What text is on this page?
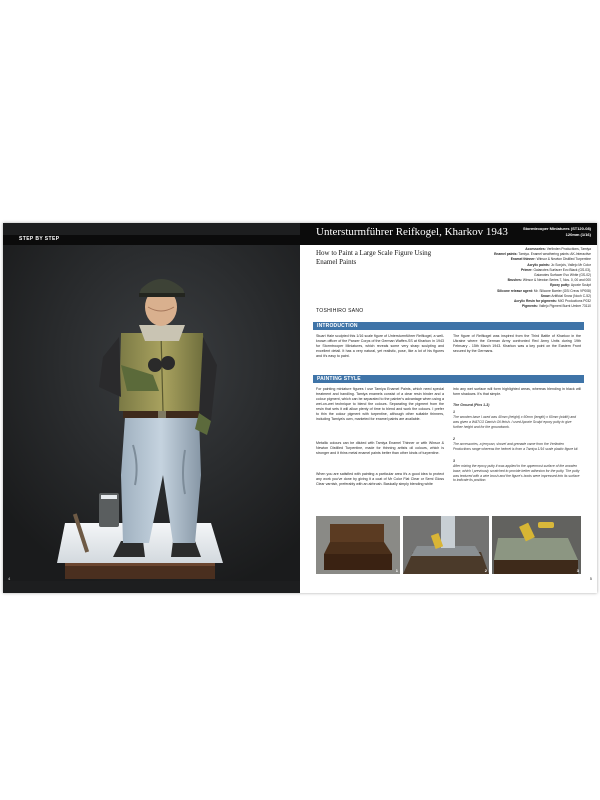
STEP BY STEP
4
Untersturmführer Reifkogel, Kharkov 1943	Stormtrooper Miniatures (ST120-08)
120mm (1/16)
How to Paint a Large Scale Figure Using Enamel Paints
TOSHIHIRO SANO
Accessories: Verlinden Productions, Tamiya
Enamel paints: Tamiya. Enamel weathering paints: AK-Interactive
Enamel thinner: Winsor & Newton Distilled Turpentine
Acrylic paints: Jo Sonja's, Vallejo Mr Color
Primer: Gaianotes Surfacer Evo Black (GS-03),
Gaianotes Surfacer Evo White (GS-02)
Brushes: Winsor & Newton Series 7, Nos. 0, 00 and 000
Epoxy putty: Apoxie Sculpt
Silicone release agent: Mr. Silicone Barrier (GSI Creos VP008)
Snow: Artificial Snow (Noch C-52)
Acrylic Resin for pigments: MIG Productions P032
Pigments: Vallejo Pigment Burnt Umber 73110
INTRODUCTION
Stuart Hale sculpted this 1/16 scale figure of Untersturmführer Reifkogel, a well-known officer of the Panzer Corps of the German Waffen-SS at Kharkov in 1943 for Stormtrooper Miniatures, which reveals some very sharp sculpting and excellent detail. It has a very natural, yet realistic, pose, like a lot of his figures and it's easy to paint.
The figure of Reifkogel was inspired from the Third Battle of Kharkov in the Ukraine where the German Army confronted Red Army Units during 19th February - 15th March 1943. Kharkov was a key point on the Eastern Front secured by the Germans.
PAINTING STYLE
For painting miniature figures I use Tamiya Enamel Paints, which need special treatment and handling. Tamiya enamels consist of a clear resin binder and a colour pigment, which can be separated to the painter's advantage when using a wet-on-wet technique to blend the colours. Separating the pigment from the resin that sets it will allow plenty of time to blend and work the colours. I prefer to thin the colour pigment with turpentine, although other suitable thinners, including Tamiya's own, marketed for enamel paints are available.
Metallic colours can be diluted with Tamiya Enamel Thinner or with Winsor & Newton Distilled Turpentine, made for thinning artists oil colours, which is stronger and it thins metal enamel paints better than other kinds of turpentine.
When you are satisfied with painting a particular area it's a good idea to protect any work you've done by giving it a coat of Mr Color Flat Clear or Semi Gloss Clear varnish, preferably with an airbrush. Basically simply blending white
into any wet surface will form highlighted areas, whereas blending in black will form shadows. It's that simple.
The Ground (Pics 1-3)
1
The wooden base I used was 40mm (height) x 60mm (length) x 60mm (width) and was given a WATCO Danish Oil finish. I used Apoxie Sculpt epoxy putty to give further height and for the groundwork.
2
The accessories, a jerrycan, shovel and grenade came from the Verlinden Productions range whereas the helmet is from a Tamiya 1/16 scale plastic figure kit.
3
After mixing the epoxy putty it was applied to the uppermost surface of the wooden base, which I previously scratched to provide better adhesion for the putty. The putty was textured with a wire brush and the figure's boots were impressed into its surface to indicate its position.
1	2	3
5
